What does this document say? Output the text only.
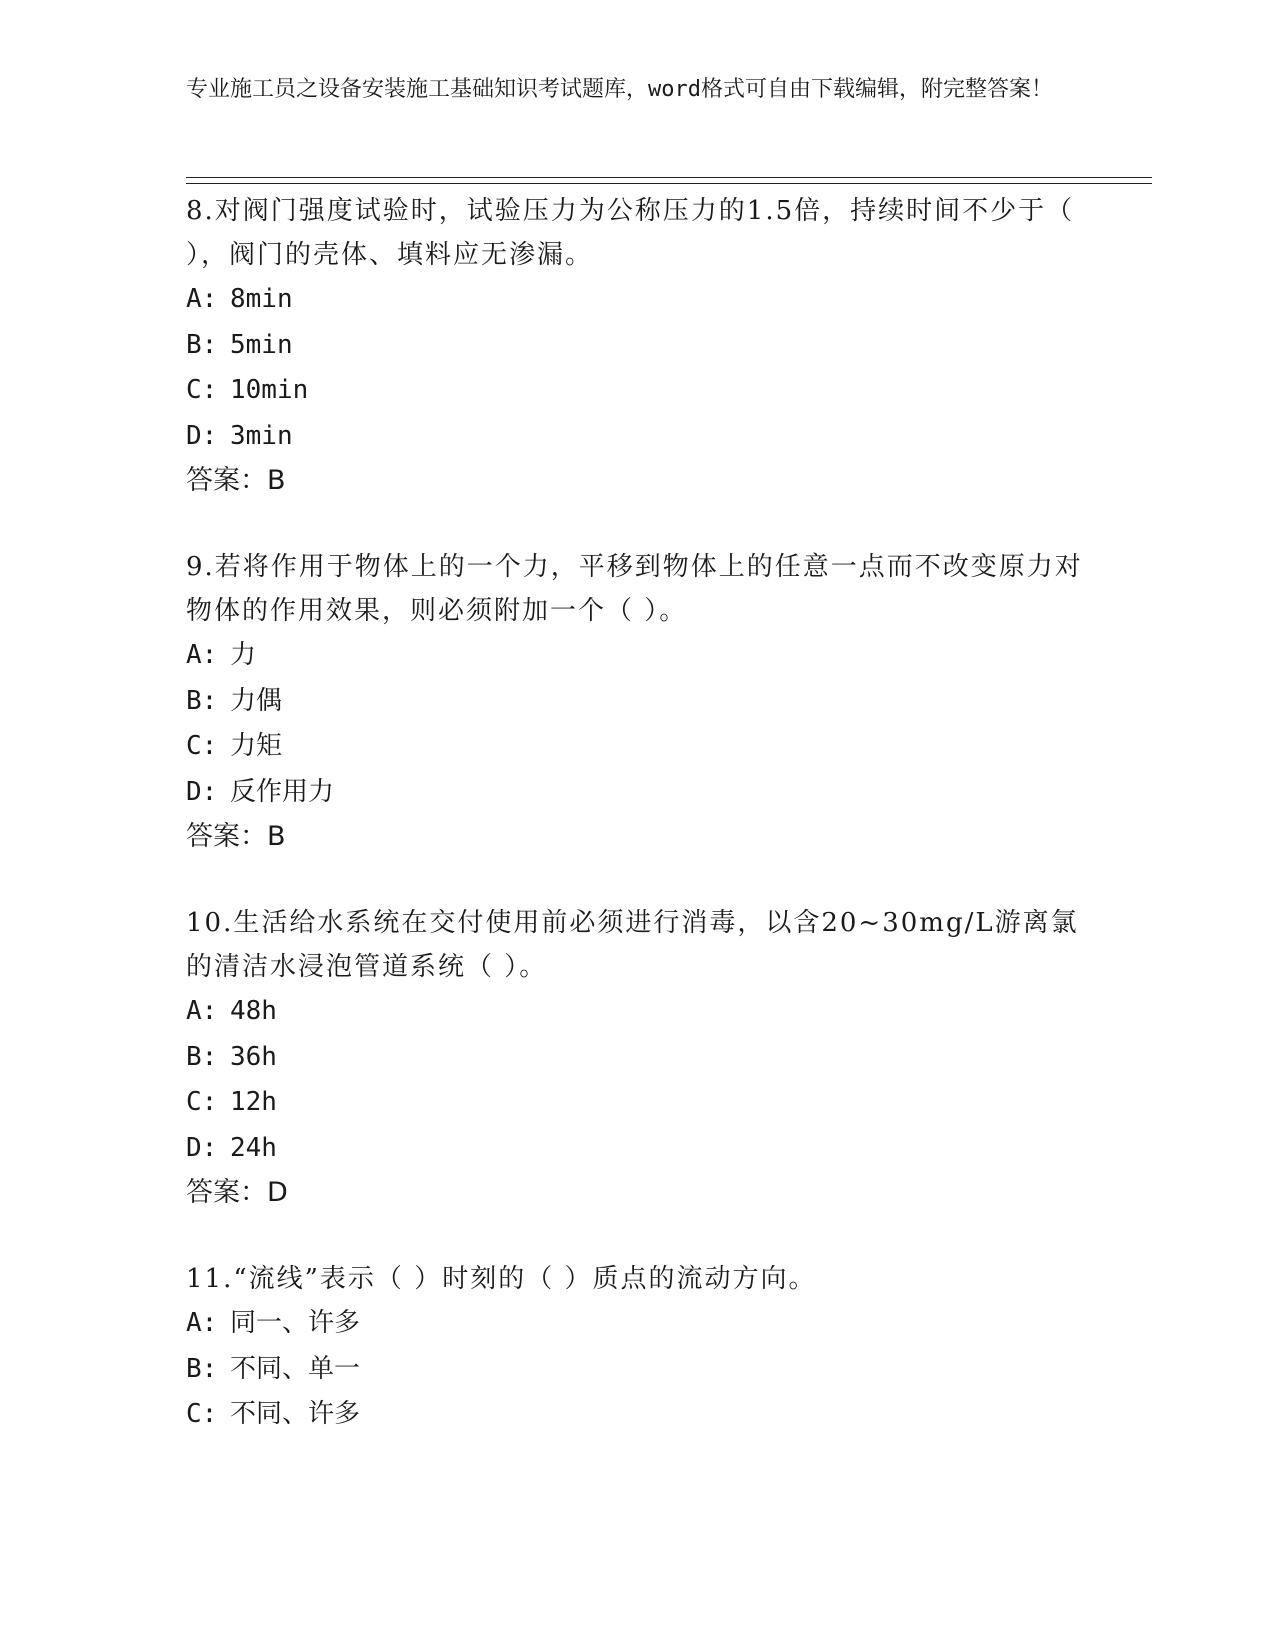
专业施工员之设备安装施工基础知识考试题库，word格式可自由下载编辑，附完整答案！

8.对阀门强度试验时，试验压力为公称压力的1.5倍，持续时间不少于（ ），阀门的壳体、填料应无渗漏。

A: 8min

B: 5min

C: 10min

D: 3min

答案：B

9.若将作用于物体上的一个力，平移到物体上的任意一点而不改变原力对物体的作用效果，则必须附加一个（ ）。

A: 力

B: 力偶

C: 力矩

D: 反作用力

答案：B

10.生活给水系统在交付使用前必须进行消毒，以含20~30mg/L游离氯的清洁水浸泡管道系统（ ）。

A: 48h

B: 36h

C: 12h

D: 24h

答案：D

11.“流线”表示（ ）时刻的（ ）质点的流动方向。

A: 同一、许多

B: 不同、单一

C: 不同、许多
